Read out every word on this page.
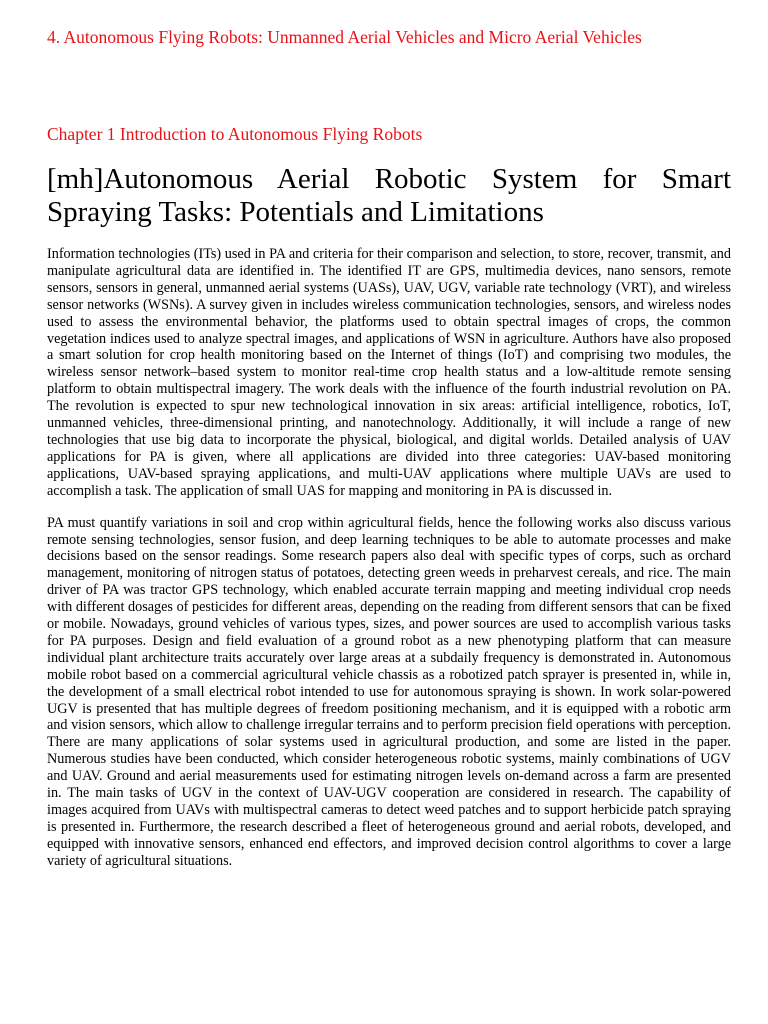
4. Autonomous Flying Robots: Unmanned Aerial Vehicles and Micro Aerial Vehicles
Chapter 1 Introduction to Autonomous Flying Robots
[mh]Autonomous Aerial Robotic System for Smart Spraying Tasks: Potentials and Limitations

Information technologies (ITs) used in PA and criteria for their comparison and selection, to store, recover, transmit, and manipulate agricultural data are identified in. The identified IT are GPS, multimedia devices, nano sensors, remote sensors, sensors in general, unmanned aerial systems (UASs), UAV, UGV, variable rate technology (VRT), and wireless sensor networks (WSNs). A survey given in includes wireless communication technologies, sensors, and wireless nodes used to assess the environmental behavior, the platforms used to obtain spectral images of crops, the common vegetation indices used to analyze spectral images, and applications of WSN in agriculture. Authors have also proposed a smart solution for crop health monitoring based on the Internet of things (IoT) and comprising two modules, the wireless sensor network–based system to monitor real-time crop health status and a low-altitude remote sensing platform to obtain multispectral imagery. The work deals with the influence of the fourth industrial revolution on PA. The revolution is expected to spur new technological innovation in six areas: artificial intelligence, robotics, IoT, unmanned vehicles, three-dimensional printing, and nanotechnology. Additionally, it will include a range of new technologies that use big data to incorporate the physical, biological, and digital worlds. Detailed analysis of UAV applications for PA is given, where all applications are divided into three categories: UAV-based monitoring applications, UAV-based spraying applications, and multi-UAV applications where multiple UAVs are used to accomplish a task. The application of small UAS for mapping and monitoring in PA is discussed in.

PA must quantify variations in soil and crop within agricultural fields, hence the following works also discuss various remote sensing technologies, sensor fusion, and deep learning techniques to be able to automate processes and make decisions based on the sensor readings. Some research papers also deal with specific types of corps, such as orchard management, monitoring of nitrogen status of potatoes, detecting green weeds in preharvest cereals, and rice. The main driver of PA was tractor GPS technology, which enabled accurate terrain mapping and meeting individual crop needs with different dosages of pesticides for different areas, depending on the reading from different sensors that can be fixed or mobile. Nowadays, ground vehicles of various types, sizes, and power sources are used to accomplish various tasks for PA purposes. Design and field evaluation of a ground robot as a new phenotyping platform that can measure individual plant architecture traits accurately over large areas at a subdaily frequency is demonstrated in. Autonomous mobile robot based on a commercial agricultural vehicle chassis as a robotized patch sprayer is presented in, while in, the development of a small electrical robot intended to use for autonomous spraying is shown. In work solar-powered UGV is presented that has multiple degrees of freedom positioning mechanism, and it is equipped with a robotic arm and vision sensors, which allow to challenge irregular terrains and to perform precision field operations with perception. There are many applications of solar systems used in agricultural production, and some are listed in the paper. Numerous studies have been conducted, which consider heterogeneous robotic systems, mainly combinations of UGV and UAV. Ground and aerial measurements used for estimating nitrogen levels on-demand across a farm are presented in. The main tasks of UGV in the context of UAV-UGV cooperation are considered in research. The capability of images acquired from UAVs with multispectral cameras to detect weed patches and to support herbicide patch spraying is presented in. Furthermore, the research described a fleet of heterogeneous ground and aerial robots, developed, and equipped with innovative sensors, enhanced end effectors, and improved decision control algorithms to cover a large variety of agricultural situations.
